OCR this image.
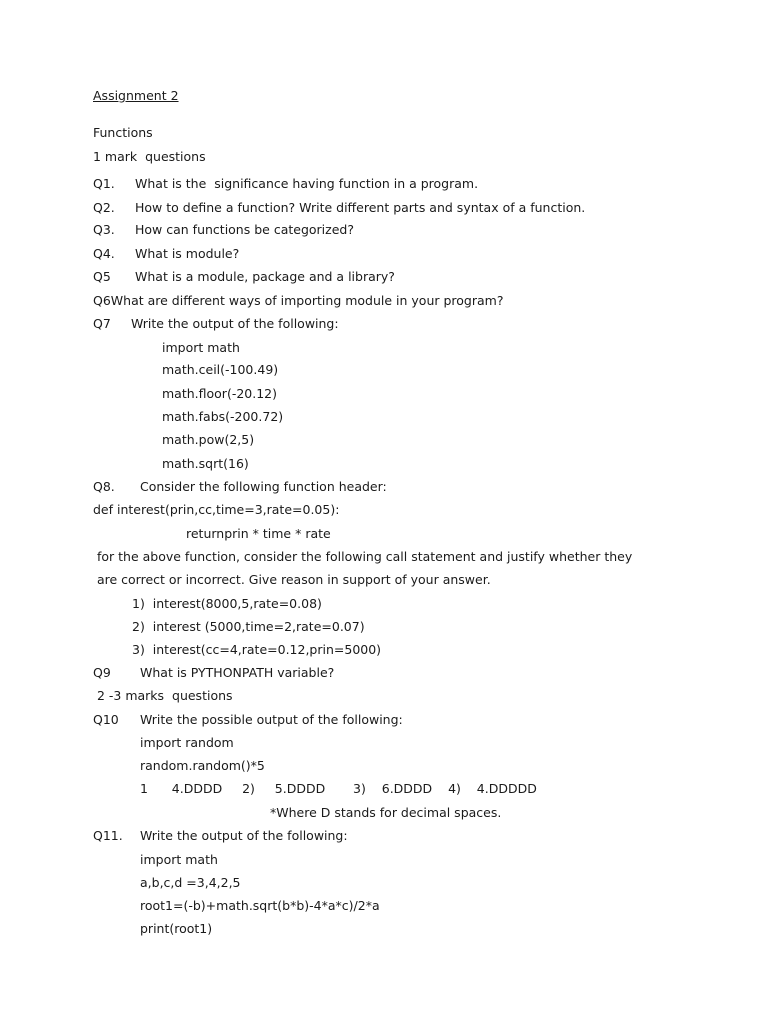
Assignment 2
Functions
1 mark  questions
Q1. What is the  significance having function in a program.
Q2. How to define a function? Write different parts and syntax of a function.
Q3. How can functions be categorized?
Q4. What is module?
Q5 What is a module, package and a library?
Q6What are different ways of importing module in your program?
Q7 Write the output of the following:
import math
math.ceil(-100.49)
math.floor(-20.12)
math.fabs(-200.72)
math.pow(2,5)
math.sqrt(16)
Q8. Consider the following function header:
def interest(prin,cc,time=3,rate=0.05):
returnprin * time * rate
for the above function, consider the following call statement and justify whether they
are correct or incorrect. Give reason in support of your answer.
1)  interest(8000,5,rate=0.08)
2)  interest (5000,time=2,rate=0.07)
3)  interest(cc=4,rate=0.12,prin=5000)
Q9 What is PYTHONPATH variable?
2 -3 marks  questions
Q10 Write the possible output of the following:
import random
random.random()*5
1      4.DDDD     2)     5.DDDD       3)    6.DDDD    4)    4.DDDDD
*Where D stands for decimal spaces.
Q11. Write the output of the following:
import math
a,b,c,d =3,4,2,5
root1=(-b)+math.sqrt(b*b)-4*a*c)/2*a
print(root1)
